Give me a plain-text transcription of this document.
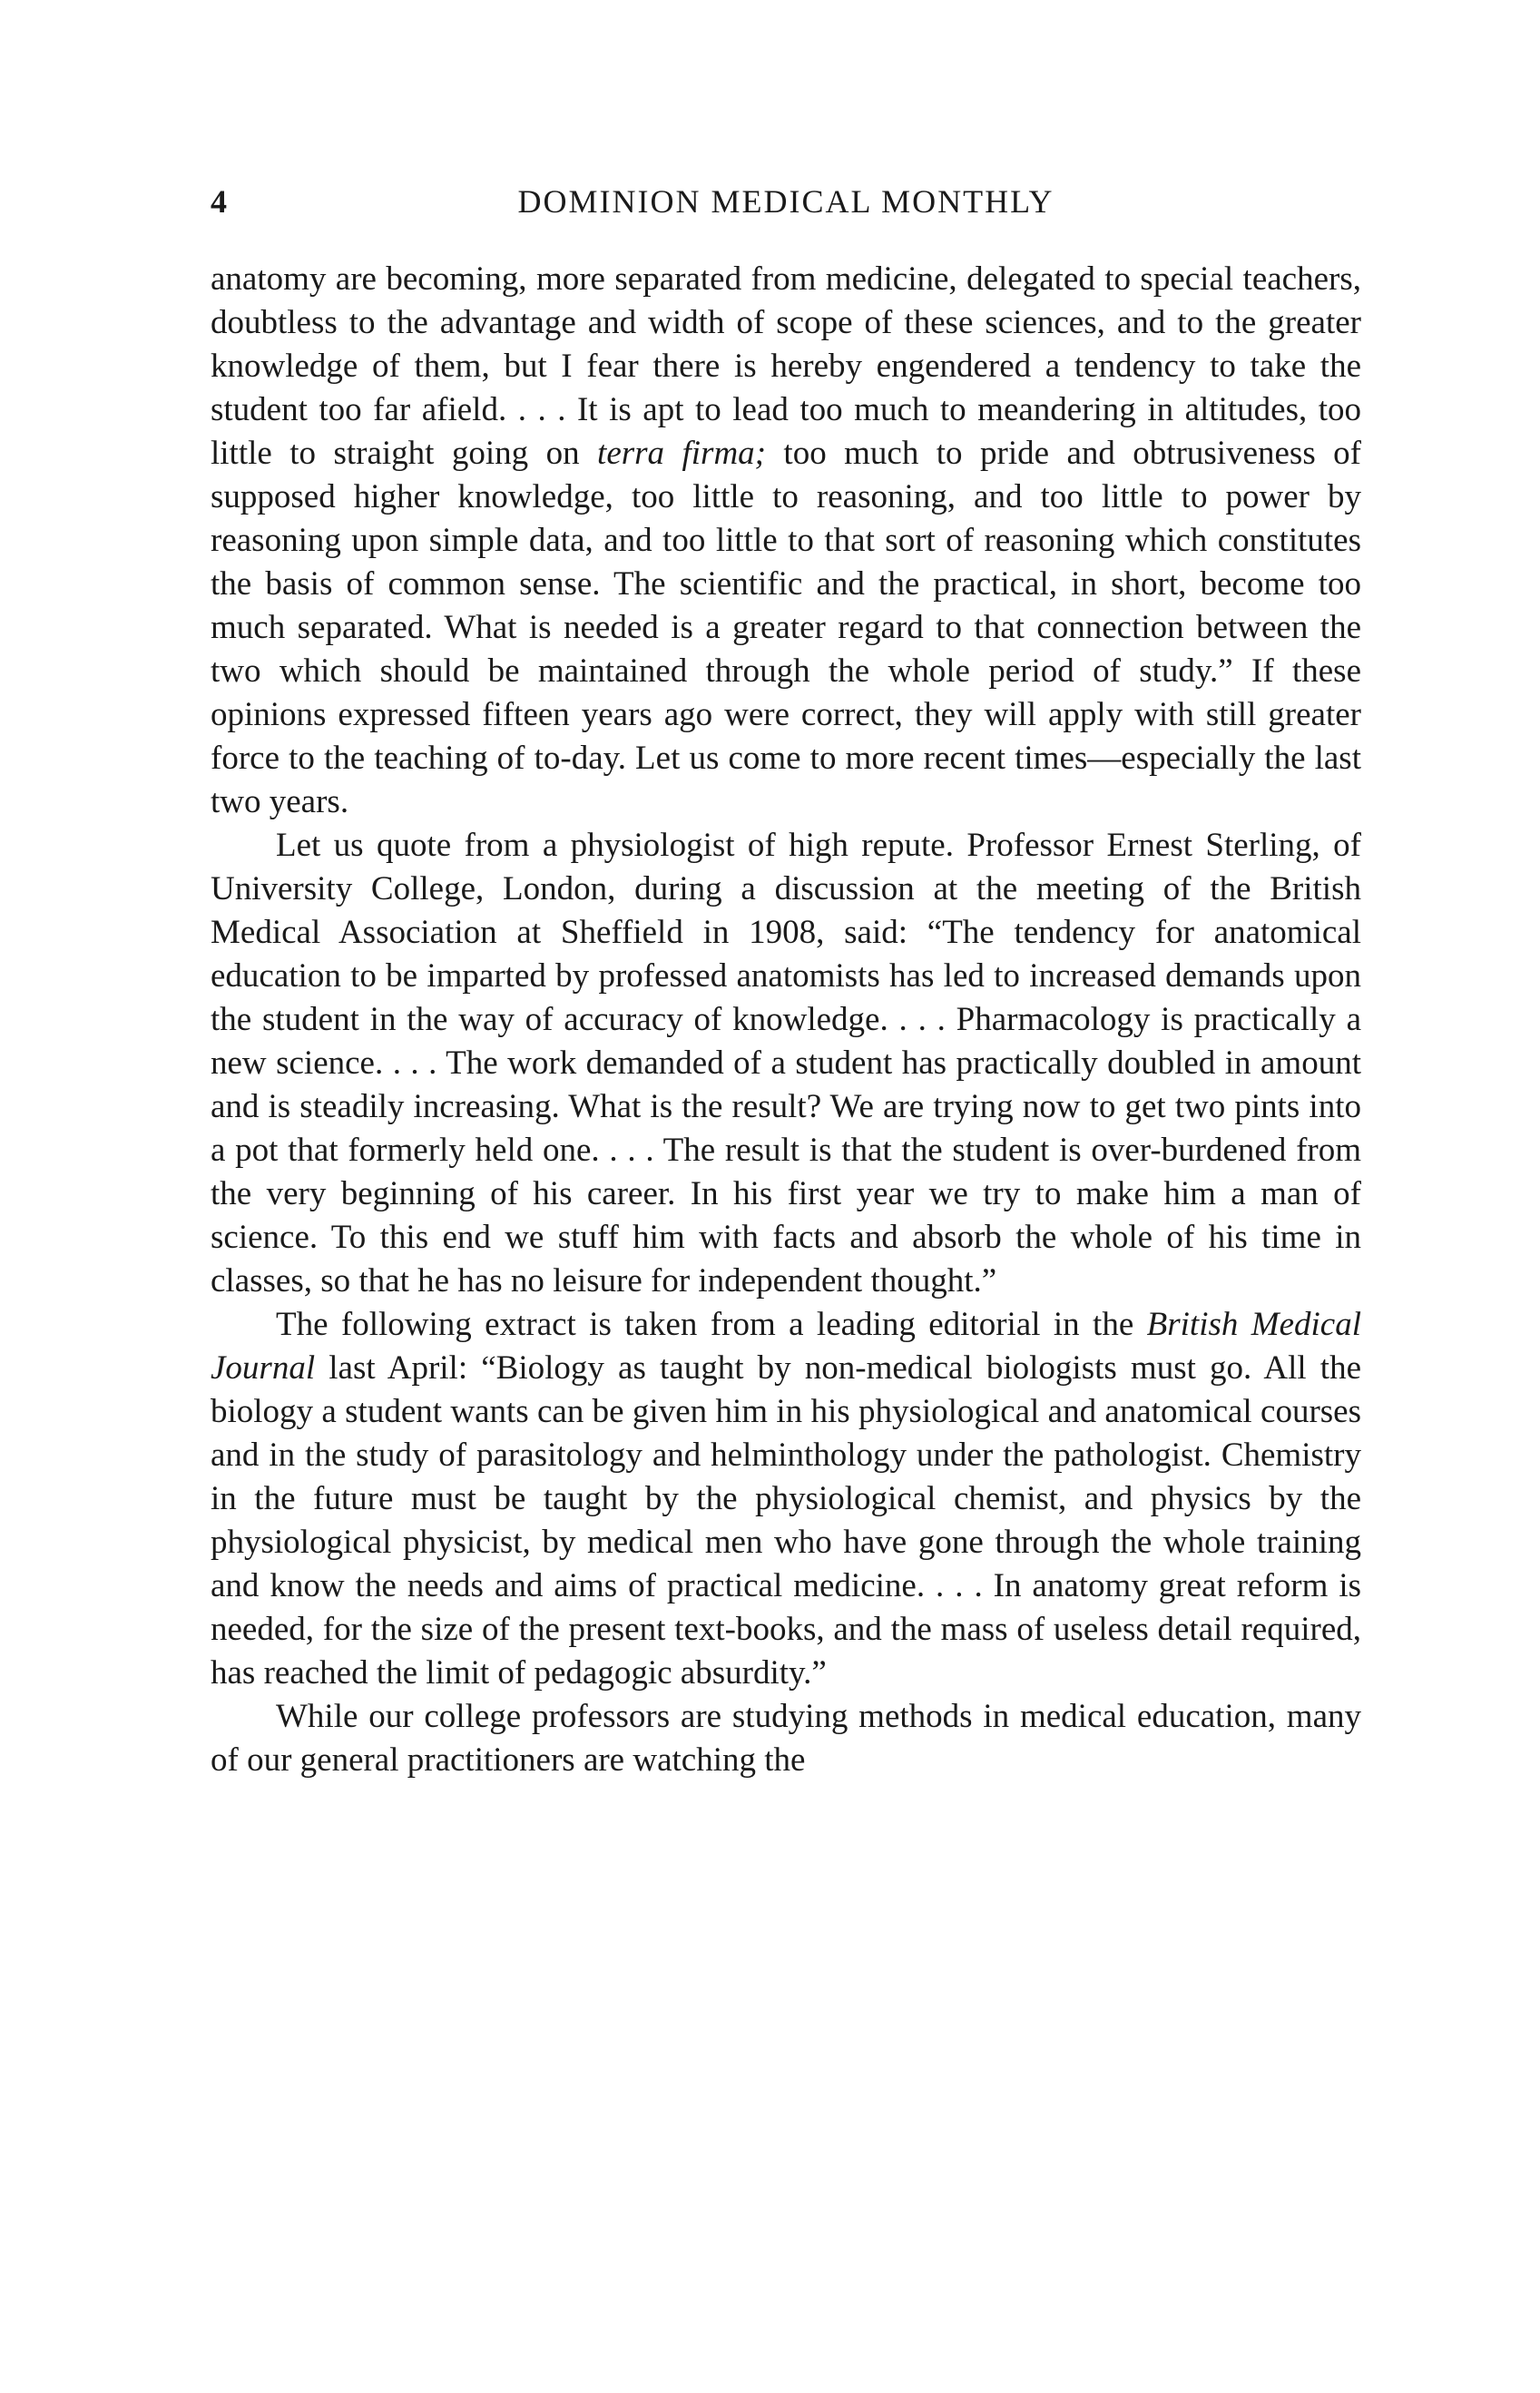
4	DOMINION MEDICAL MONTHLY

anatomy are becoming, more separated from medicine, delegated to special teachers, doubtless to the advantage and width of scope of these sciences, and to the greater knowledge of them, but I fear there is hereby engendered a tendency to take the student too far afield. . . . It is apt to lead too much to meandering in altitudes, too little to straight going on terra firma; too much to pride and obtrusiveness of supposed higher knowledge, too little to reasoning, and too little to power by reasoning upon simple data, and too little to that sort of reasoning which constitutes the basis of common sense. The scientific and the practical, in short, become too much separated. What is needed is a greater regard to that connection between the two which should be maintained through the whole period of study.” If these opinions expressed fifteen years ago were correct, they will apply with still greater force to the teaching of to-day. Let us come to more recent times—especially the last two years.

Let us quote from a physiologist of high repute. Professor Ernest Sterling, of University College, London, during a discussion at the meeting of the British Medical Association at Sheffield in 1908, said: “The tendency for anatomical education to be imparted by professed anatomists has led to increased demands upon the student in the way of accuracy of knowledge. . . . Pharmacology is practically a new science. . . . The work demanded of a student has practically doubled in amount and is steadily increasing. What is the result? We are trying now to get two pints into a pot that formerly held one. . . . The result is that the student is over-burdened from the very beginning of his career. In his first year we try to make him a man of science. To this end we stuff him with facts and absorb the whole of his time in classes, so that he has no leisure for independent thought.”

The following extract is taken from a leading editorial in the British Medical Journal last April: “Biology as taught by non-medical biologists must go. All the biology a student wants can be given him in his physiological and anatomical courses and in the study of parasitology and helminthology under the pathologist. Chemistry in the future must be taught by the physiological chemist, and physics by the physiological physicist, by medical men who have gone through the whole training and know the needs and aims of practical medicine. . . . In anatomy great reform is needed, for the size of the present text-books, and the mass of useless detail required, has reached the limit of pedagogic absurdity.”

While our college professors are studying methods in medical education, many of our general practitioners are watching the
